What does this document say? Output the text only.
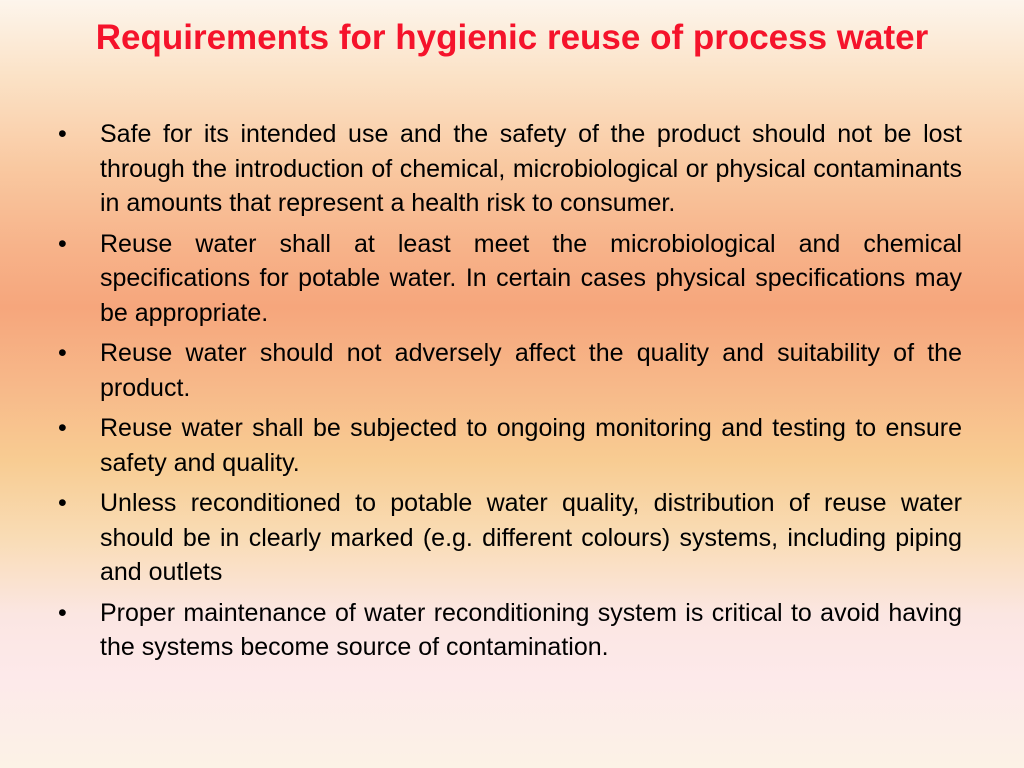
Requirements for hygienic reuse of process water
• Safe for its intended use and the safety of the product should not be lost through the introduction of chemical, microbiological or physical contaminants in amounts that represent a health risk to consumer.
• Reuse water shall at least meet the microbiological and chemical specifications for potable water. In certain cases physical specifications may be appropriate.
• Reuse water should not adversely affect the quality and suitability of the product.
• Reuse water shall be subjected to ongoing monitoring and testing to ensure safety and quality.
• Unless reconditioned to potable water quality, distribution of reuse water should be in clearly marked (e.g. different colours) systems, including piping and outlets
• Proper maintenance of water reconditioning system is critical to avoid having the systems become source of contamination.
